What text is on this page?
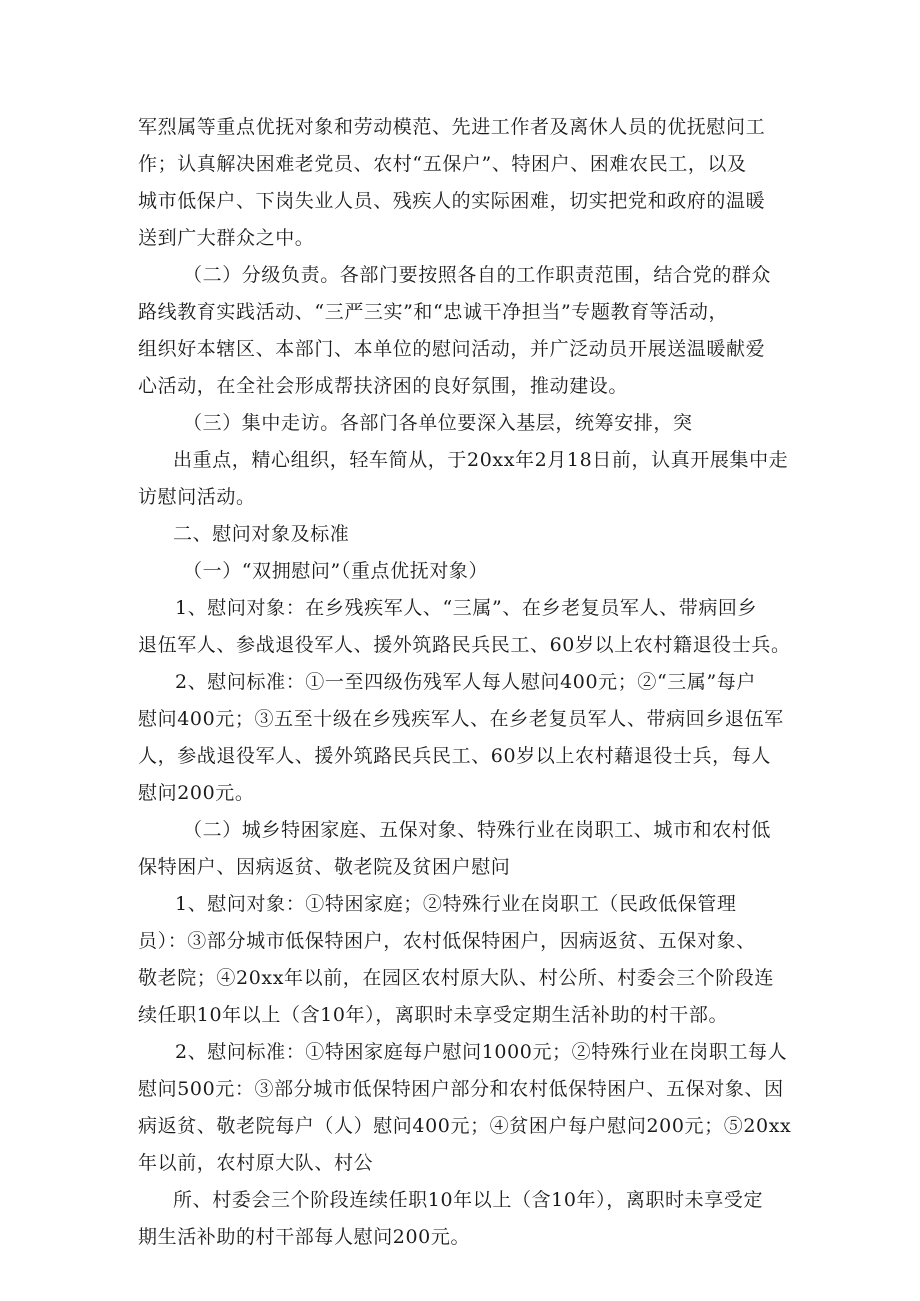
军烈属等重点优抚对象和劳动模范、先进工作者及离休人员的优抚慰问工
作；认真解决困难老党员、农村“五保户”、特困户、困难农民工，以及
城市低保户、下岗失业人员、残疾人的实际困难，切实把党和政府的温暖
送到广大群众之中。
（二）分级负责。各部门要按照各自的工作职责范围，结合党的群众
路线教育实践活动、“三严三实”和“忠诚干净担当”专题教育等活动，
组织好本辖区、本部门、本单位的慰问活动，并广泛动员开展送温暖献爱
心活动，在全社会形成帮扶济困的良好氛围，推动建设。
（三）集中走访。各部门各单位要深入基层，统筹安排，突
出重点，精心组织，轻车简从，于20xx年2月18日前，认真开展集中走
访慰问活动。
二、慰问对象及标准
（一）“双拥慰问”（重点优抚对象）
1、慰问对象：在乡残疾军人、“三属”、在乡老复员军人、带病回乡
退伍军人、参战退役军人、援外筑路民兵民工、60岁以上农村籍退役士兵。
2、慰问标准：①一至四级伤残军人每人慰问400元；②“三属”每户
慰问400元；③五至十级在乡残疾军人、在乡老复员军人、带病回乡退伍军
人，参战退役军人、援外筑路民兵民工、60岁以上农村藉退役士兵，每人
慰问200元。
（二）城乡特困家庭、五保对象、特殊行业在岗职工、城市和农村低
保特困户、因病返贫、敬老院及贫困户慰问
1、慰问对象：①特困家庭；②特殊行业在岗职工（民政低保管理
员）：③部分城市低保特困户，农村低保特困户，因病返贫、五保对象、
敬老院；④20xx年以前，在园区农村原大队、村公所、村委会三个阶段连
续任职10年以上（含10年），离职时未享受定期生活补助的村干部。
2、慰问标准：①特困家庭每户慰问1000元；②特殊行业在岗职工每人
慰问500元：③部分城市低保特困户部分和农村低保特困户、五保对象、因
病返贫、敬老院每户（人）慰问400元；④贫困户每户慰问200元；⑤20xx
年以前，农村原大队、村公
所、村委会三个阶段连续任职10年以上（含10年），离职时未享受定
期生活补助的村干部每人慰问200元。
